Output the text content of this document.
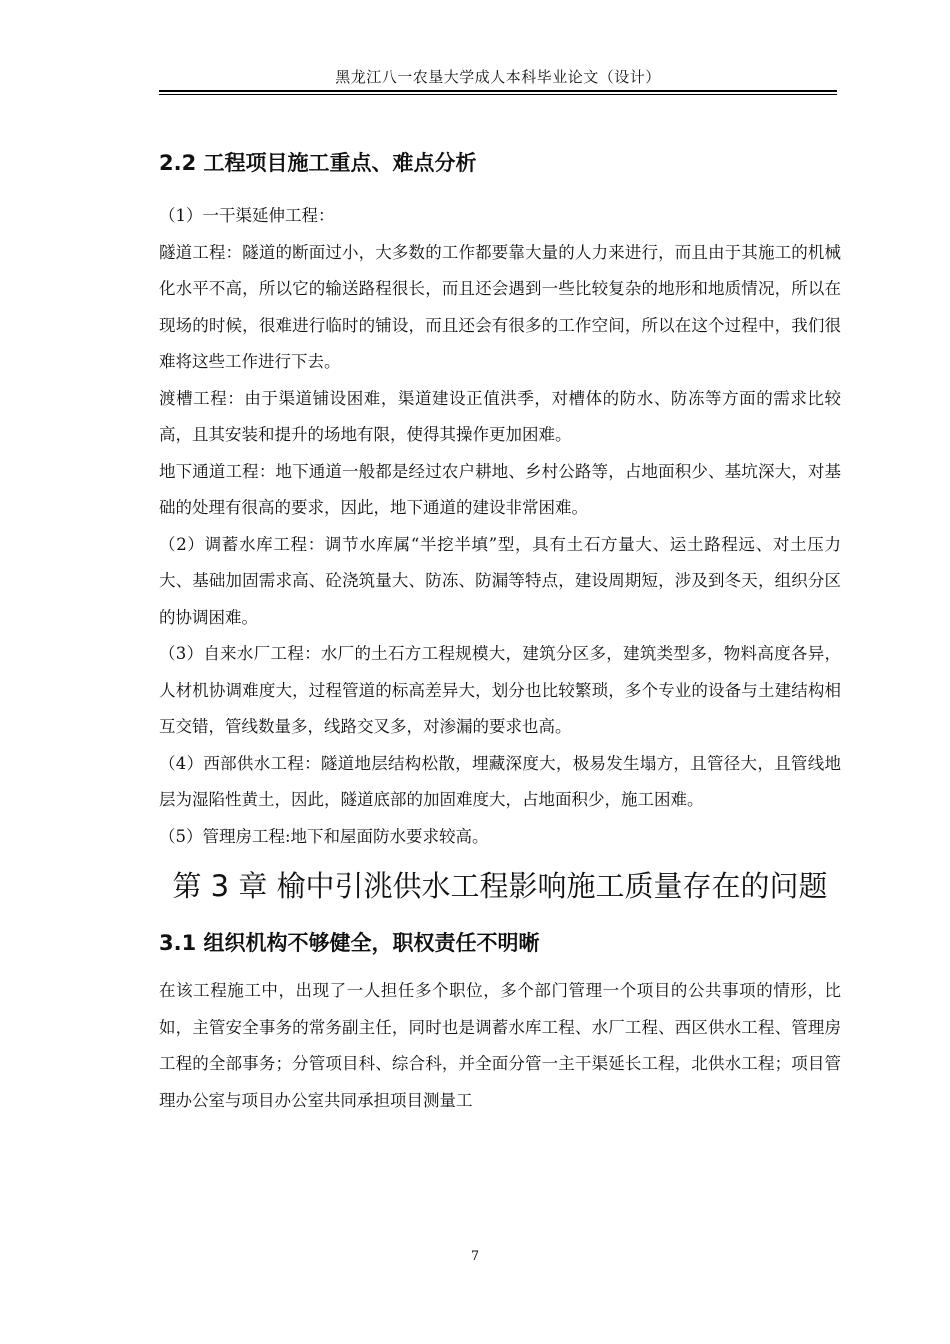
黑龙江八一农垦大学成人本科毕业论文（设计）
2.2 工程项目施工重点、难点分析

（1）一干渠延伸工程：

隧道工程：隧道的断面过小，大多数的工作都要靠大量的人力来进行，而且由于其施工的机械化水平不高，所以它的输送路程很长，而且还会遇到一些比较复杂的地形和地质情况，所以在现场的时候，很难进行临时的铺设，而且还会有很多的工作空间，所以在这个过程中，我们很难将这些工作进行下去。

渡槽工程：由于渠道铺设困难，渠道建设正值洪季，对槽体的防水、防冻等方面的需求比较高，且其安装和提升的场地有限，使得其操作更加困难。

地下通道工程：地下通道一般都是经过农户耕地、乡村公路等，占地面积少、基坑深大，对基础的处理有很高的要求，因此，地下通道的建设非常困难。

（2）调蓄水库工程：调节水库属“半挖半填”型，具有土石方量大、运土路程远、对土压力大、基础加固需求高、砼浇筑量大、防冻、防漏等特点，建设周期短，涉及到冬天，组织分区的协调困难。

（3）自来水厂工程：水厂的土石方工程规模大，建筑分区多，建筑类型多，物料高度各异，人材机协调难度大，过程管道的标高差异大，划分也比较繁琐，多个专业的设备与土建结构相互交错，管线数量多，线路交叉多，对渗漏的要求也高。

（4）西部供水工程：隧道地层结构松散，埋藏深度大，极易发生塌方，且管径大，且管线地层为湿陷性黄土，因此，隧道底部的加固难度大，占地面积少，施工困难。

（5）管理房工程:地下和屋面防水要求较高。

第 3 章 榆中引洮供水工程影响施工质量存在的问题
3.1 组织机构不够健全，职权责任不明晰

在该工程施工中，出现了一人担任多个职位，多个部门管理一个项目的公共事项的情形，比如，主管安全事务的常务副主任，同时也是调蓄水库工程、水厂工程、西区供水工程、管理房工程的全部事务；分管项目科、综合科，并全面分管一主干渠延长工程，北供水工程；项目管理办公室与项目办公室共同承担项目测量工

7
